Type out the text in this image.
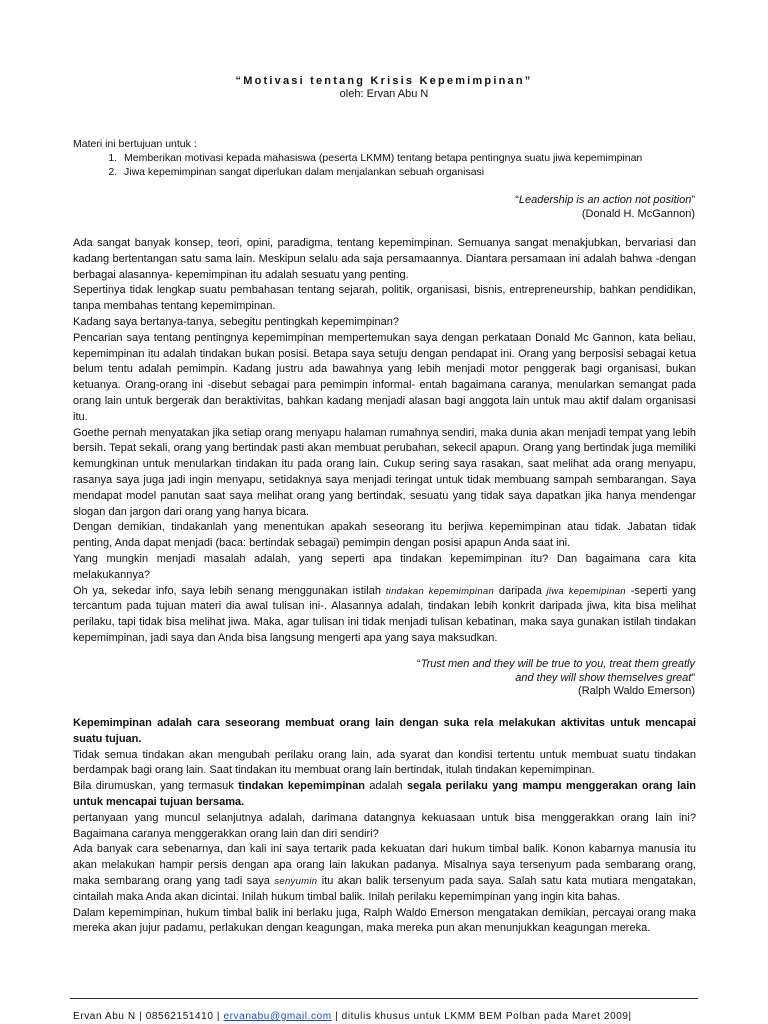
“Motivasi tentang Krisis Kepemimpinan”
oleh: Ervan Abu N
Materi ini bertujuan untuk :
1. Memberikan motivasi kepada mahasiswa (peserta LKMM) tentang betapa pentingnya suatu jiwa kepemimpinan
2. Jiwa kepemimpinan sangat diperlukan dalam menjalankan sebuah organisasi
“Leadership is an action not position”
(Donald H. McGannon)

Ada sangat banyak konsep, teori, opini, paradigma, tentang kepemimpinan. Semuanya sangat menakjubkan, bervariasi dan kadang bertentangan satu sama lain. Meskipun selalu ada saja persamaannya. Diantara persamaan ini adalah bahwa -dengan berbagai alasannya- kepemimpinan itu adalah sesuatu yang penting.

Sepertinya tidak lengkap suatu pembahasan tentang sejarah, politik, organisasi, bisnis, entrepreneurship, bahkan pendidikan, tanpa membahas tentang kepemimpinan.

Kadang saya bertanya-tanya, sebegitu pentingkah kepemimpinan?

Pencarian saya tentang pentingnya kepemimpinan mempertemukan saya dengan perkataan Donald Mc Gannon, kata beliau, kepemimpinan itu adalah tindakan bukan posisi. Betapa saya setuju dengan pendapat ini. Orang yang berposisi sebagai ketua belum tentu adalah pemimpin. Kadang justru ada bawahnya yang lebih menjadi motor penggerak bagi organisasi, bukan ketuanya. Orang-orang ini -disebut sebagai para pemimpin informal- entah bagaimana caranya, menularkan semangat pada orang lain untuk bergerak dan beraktivitas, bahkan kadang menjadi alasan bagi anggota lain untuk mau aktif dalam organisasi itu.

Goethe pernah menyatakan jika setiap orang menyapu halaman rumahnya sendiri, maka dunia akan menjadi tempat yang lebih bersih. Tepat sekali, orang yang bertindak pasti akan membuat perubahan, sekecil apapun. Orang yang bertindak juga memiliki kemungkinan untuk menularkan tindakan itu pada orang lain. Cukup sering saya rasakan, saat melihat ada orang menyapu, rasanya saya juga jadi ingin menyapu, setidaknya saya menjadi teringat untuk tidak membuang sampah sembarangan. Saya mendapat model panutan saat saya melihat orang yang bertindak, sesuatu yang tidak saya dapatkan jika hanya mendengar slogan dan jargon dari orang yang hanya bicara.

Dengan demikian, tindakanlah yang menentukan apakah seseorang itu berjiwa kepemimpinan atau tidak. Jabatan tidak penting, Anda dapat menjadi (baca: bertindak sebagai) pemimpin dengan posisi apapun Anda saat ini.

Yang mungkin menjadi masalah adalah, yang seperti apa tindakan kepemimpinan itu? Dan bagaimana cara kita melakukannya?

Oh ya, sekedar info, saya lebih senang menggunakan istilah tindakan kepemimpinan daripada jiwa kepemipinan -seperti yang tercantum pada tujuan materi dia awal tulisan ini-. Alasannya adalah, tindakan lebih konkrit daripada jiwa, kita bisa melihat perilaku, tapi tidak bisa melihat jiwa. Maka, agar tulisan ini tidak menjadi tulisan kebatinan, maka saya gunakan istilah tindakan kepemimpinan, jadi saya dan Anda bisa langsung mengerti apa yang saya maksudkan.

“Trust men and they will be true to you, treat them greatly
and they will show themselves great”
(Ralph Waldo Emerson)

Kepemimpinan adalah cara seseorang membuat orang lain dengan suka rela melakukan aktivitas untuk mencapai suatu tujuan.

Tidak semua tindakan akan mengubah perilaku orang lain, ada syarat dan kondisi tertentu untuk membuat suatu tindakan berdampak bagi orang lain. Saat tindakan itu membuat orang lain bertindak, itulah tindakan kepemimpinan.

Bila dirumuskan, yang termasuk tindakan kepemimpinan adalah segala perilaku yang mampu menggerakan orang lain untuk mencapai tujuan bersama.

pertanyaan yang muncul selanjutnya adalah, darimana datangnya kekuasaan untuk bisa menggerakkan orang lain ini? Bagaimana caranya menggerakkan orang lain dan diri sendiri?

Ada banyak cara sebenarnya, dan kali ini saya tertarik pada kekuatan dari hukum timbal balik. Konon kabarnya manusia itu akan melakukan hampir persis dengan apa orang lain lakukan padanya. Misalnya saya tersenyum pada sembarang orang, maka sembarang orang yang tadi saya senyumin itu akan balik tersenyum pada saya. Salah satu kata mutiara mengatakan, cintailah maka Anda akan dicintai. Inilah hukum timbal balik. Inilah perilaku kepemimpinan yang ingin kita bahas.

Dalam kepemimpinan, hukum timbal balik ini berlaku juga, Ralph Waldo Emerson mengatakan demikian, percayai orang maka mereka akan jujur padamu, perlakukan dengan keagungan, maka mereka pun akan menunjukkan keagungan mereka.

Ervan Abu N | 08562151410 | ervanabu@gmail.com | ditulis khusus untuk LKMM BEM Polban pada Maret 2009|
